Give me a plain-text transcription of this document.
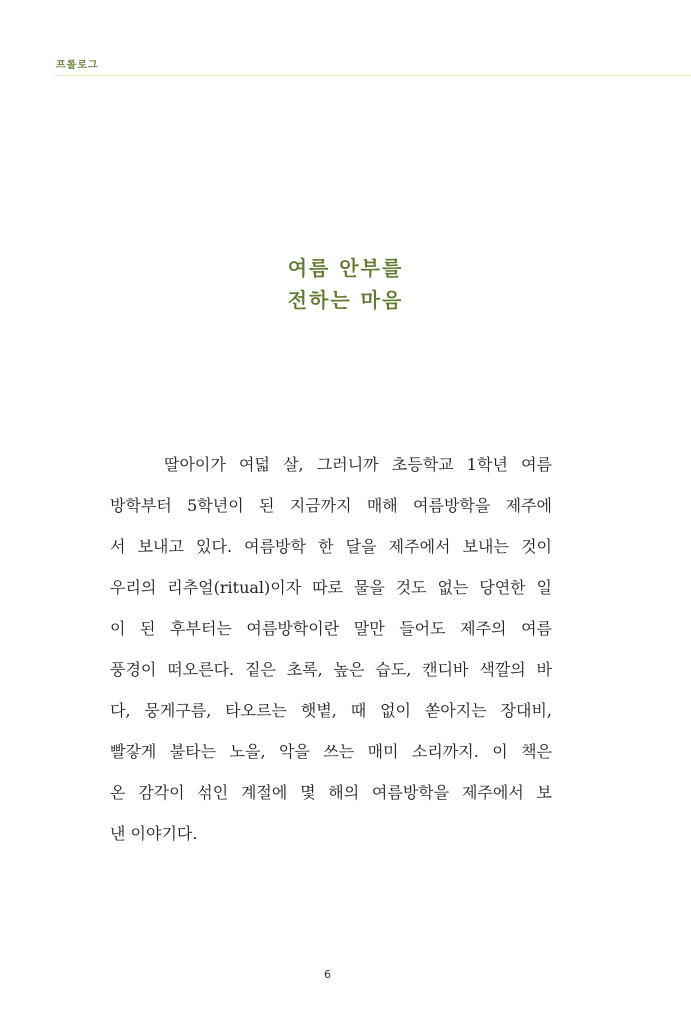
프롤로그
여름 안부를
전하는 마음
딸아이가 여덟 살, 그러니까 초등학교 1학년 여름
방학부터 5학년이 된 지금까지 매해 여름방학을 제주에
서 보내고 있다. 여름방학 한 달을 제주에서 보내는 것이
우리의 리추얼(ritual)이자 따로 물을 것도 없는 당연한 일
이 된 후부터는 여름방학이란 말만 들어도 제주의 여름
풍경이 떠오른다. 짙은 초록, 높은 습도, 캔디바 색깔의 바
다, 뭉게구름, 타오르는 햇볕, 때 없이 쏟아지는 장대비,
빨갛게 불타는 노을, 악을 쓰는 매미 소리까지. 이 책은
온 감각이 섞인 계절에 몇 해의 여름방학을 제주에서 보
낸 이야기다.
6
